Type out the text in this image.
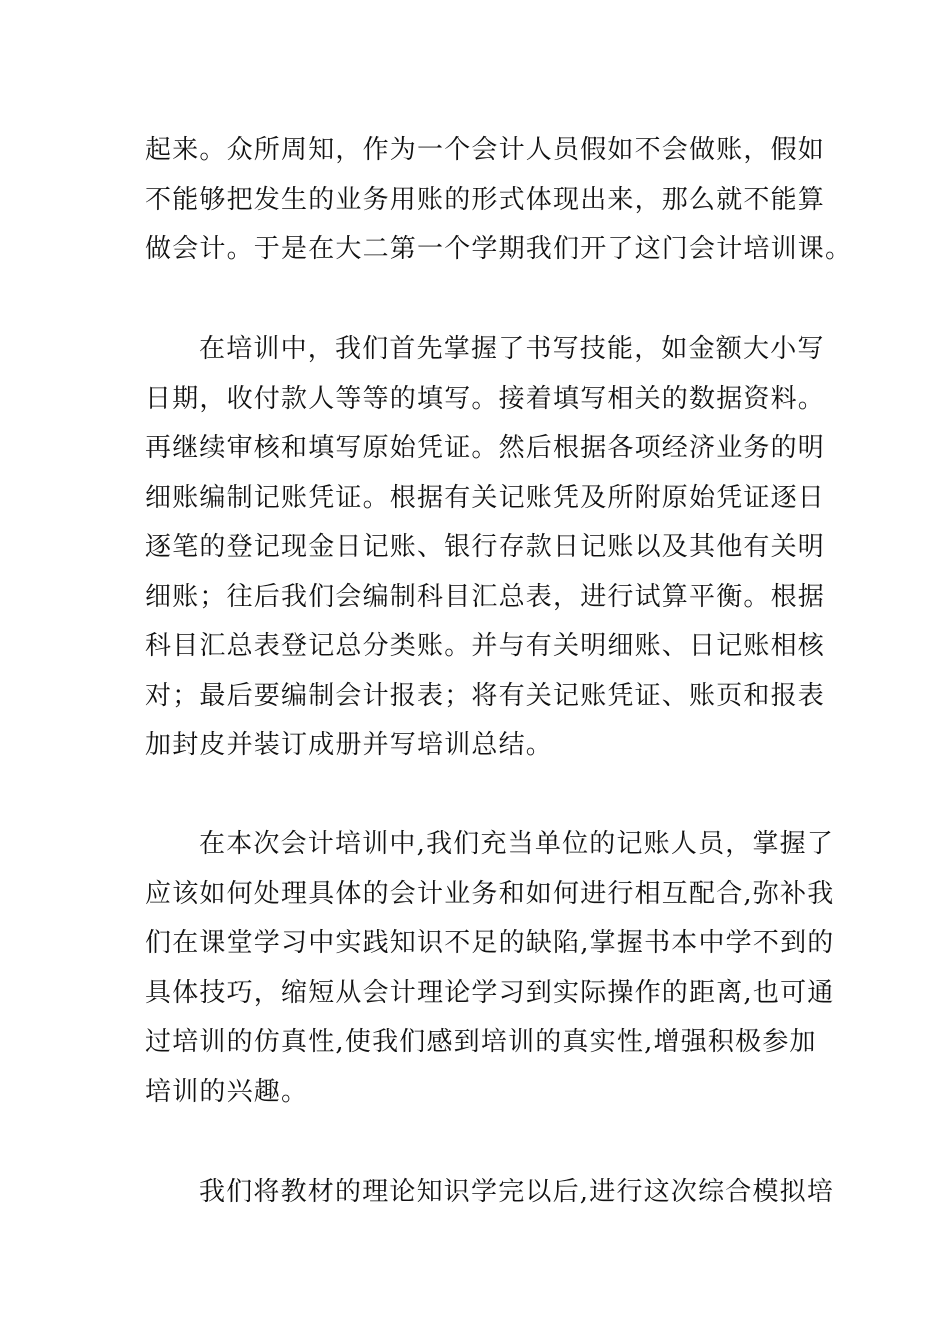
起来。众所周知，作为一个会计人员假如不会做账，假如
不能够把发生的业务用账的形式体现出来，那么就不能算
做会计。于是在大二第一个学期我们开了这门会计培训课。
在培训中，我们首先掌握了书写技能，如金额大小写
日期，收付款人等等的填写。接着填写相关的数据资料。
再继续审核和填写原始凭证。然后根据各项经济业务的明
细账编制记账凭证。根据有关记账凭及所附原始凭证逐日
逐笔的登记现金日记账、银行存款日记账以及其他有关明
细账；往后我们会编制科目汇总表，进行试算平衡。根据
科目汇总表登记总分类账。并与有关明细账、日记账相核
对；最后要编制会计报表；将有关记账凭证、账页和报表
加封皮并装订成册并写培训总结。
在本次会计培训中,我们充当单位的记账人员，掌握了
应该如何处理具体的会计业务和如何进行相互配合,弥补我
们在课堂学习中实践知识不足的缺陷,掌握书本中学不到的
具体技巧，缩短从会计理论学习到实际操作的距离,也可通
过培训的仿真性,使我们感到培训的真实性,增强积极参加
培训的兴趣。
我们将教材的理论知识学完以后,进行这次综合模拟培
